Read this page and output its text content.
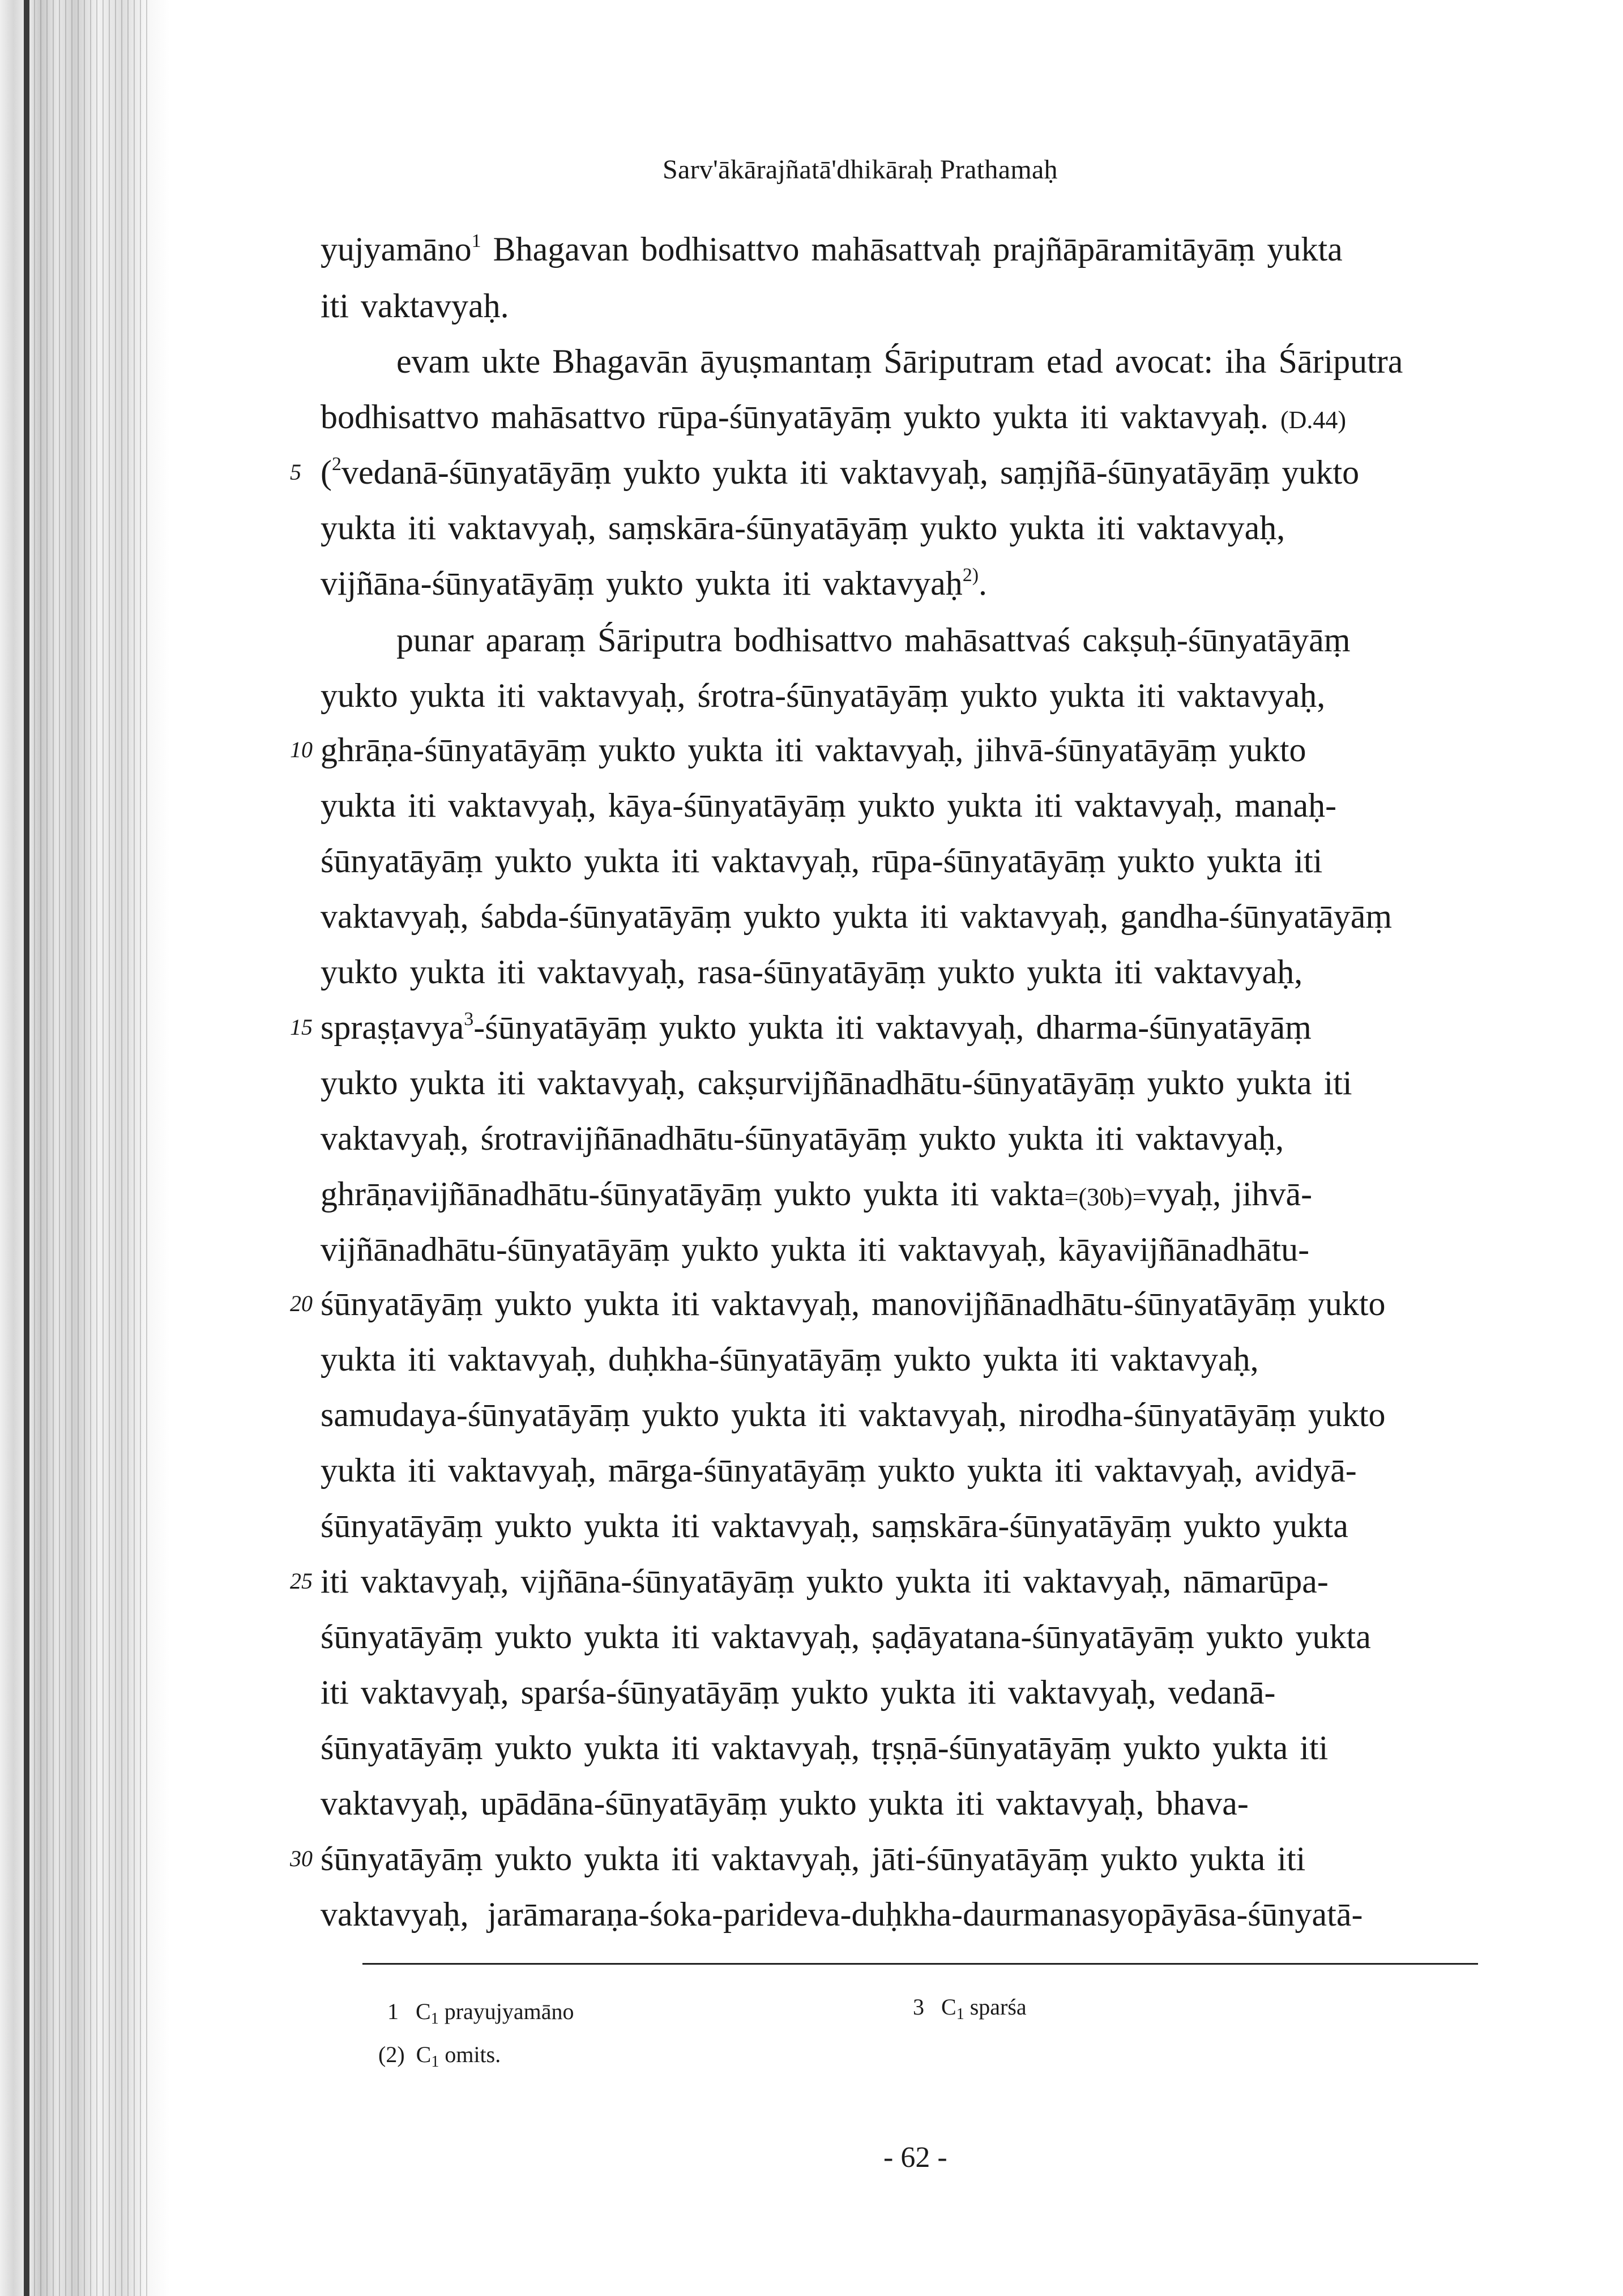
Sarv'ākārajñatā'dhikāraḥ Prathamaḥ
yujyamāno$^1$ Bhagavan bodhisattvo mahāsattvaḥ prajñāpāramitāyāṃ yukta
iti vaktavyaḥ.
evam ukte Bhagavān āyuṣmantaṃ Śāriputram etad avocat: iha Śāriputra
bodhisattvo mahāsattvo rūpa-śūnyatāyāṃ yukto yukta iti vaktavyaḥ. (D.44)
5 ($^2$vedanā-śūnyatāyāṃ yukto yukta iti vaktavyaḥ, saṃjñā-śūnyatāyāṃ yukto
yukta iti vaktavyaḥ, saṃskāra-śūnyatāyāṃ yukto yukta iti vaktavyaḥ,
vijñāna-śūnyatāyāṃ yukto yukta iti vaktavyaḥ$^{2)}$.
punar aparaṃ Śāriputra bodhisattvo mahāsattvaś cakṣuḥ-śūnyatāyāṃ
yukto yukta iti vaktavyaḥ, śrotra-śūnyatāyāṃ yukto yukta iti vaktavyaḥ,
10 ghrāṇa-śūnyatāyāṃ yukto yukta iti vaktavyaḥ, jihvā-śūnyatāyāṃ yukto
yukta iti vaktavyaḥ, kāya-śūnyatāyāṃ yukto yukta iti vaktavyaḥ, manaḥ-
śūnyatāyāṃ yukto yukta iti vaktavyaḥ, rūpa-śūnyatāyāṃ yukto yukta iti
vaktavyaḥ, śabda-śūnyatāyāṃ yukto yukta iti vaktavyaḥ, gandha-śūnyatāyāṃ
yukto yukta iti vaktavyaḥ, rasa-śūnyatāyāṃ yukto yukta iti vaktavyaḥ,
15 spraṣṭavya$^3$-śūnyatāyāṃ yukto yukta iti vaktavyaḥ, dharma-śūnyatāyāṃ
yukto yukta iti vaktavyaḥ, cakṣurvijñānadhātu-śūnyatāyāṃ yukto yukta iti
vaktavyaḥ, śrotravijñānadhātu-śūnyatāyāṃ yukto yukta iti vaktavyaḥ,
ghrāṇavijñānadhātu-śūnyatāyāṃ yukto yukta iti vakta=(30b)=vyaḥ, jihvā-
vijñānadhātu-śūnyatāyāṃ yukto yukta iti vaktavyaḥ, kāyavijñānadhātu-
20 śūnyatāyāṃ yukto yukta iti vaktavyaḥ, manovijñānadhātu-śūnyatāyāṃ yukto
yukta iti vaktavyaḥ, duḥkha-śūnyatāyāṃ yukto yukta iti vaktavyaḥ,
samudaya-śūnyatāyāṃ yukto yukta iti vaktavyaḥ, nirodha-śūnyatāyāṃ yukto
yukta iti vaktavyaḥ, mārga-śūnyatāyāṃ yukto yukta iti vaktavyaḥ, avidyā-
śūnyatāyāṃ yukto yukta iti vaktavyaḥ, saṃskāra-śūnyatāyāṃ yukto yukta
25 iti vaktavyaḥ, vijñāna-śūnyatāyāṃ yukto yukta iti vaktavyaḥ, nāmarūpa-
śūnyatāyāṃ yukto yukta iti vaktavyaḥ, ṣaḍāyatana-śūnyatāyāṃ yukto yukta
iti vaktavyaḥ, sparśa-śūnyatāyāṃ yukto yukta iti vaktavyaḥ, vedanā-
śūnyatāyāṃ yukto yukta iti vaktavyaḥ, tṛṣṇā-śūnyatāyāṃ yukto yukta iti
vaktavyaḥ, upādāna-śūnyatāyāṃ yukto yukta iti vaktavyaḥ, bhava-
30 śūnyatāyāṃ yukto yukta iti vaktavyaḥ, jāti-śūnyatāyāṃ yukto yukta iti
vaktavyaḥ, jarāmaraṇa-śoka-parideva-duḥkha-daurmanasyopāyāsa-śūnyatā-
1 $C_1$ prayujyamāno	3 $C_1$ sparśa
(2) $C_1$ omits.
- 62 -
